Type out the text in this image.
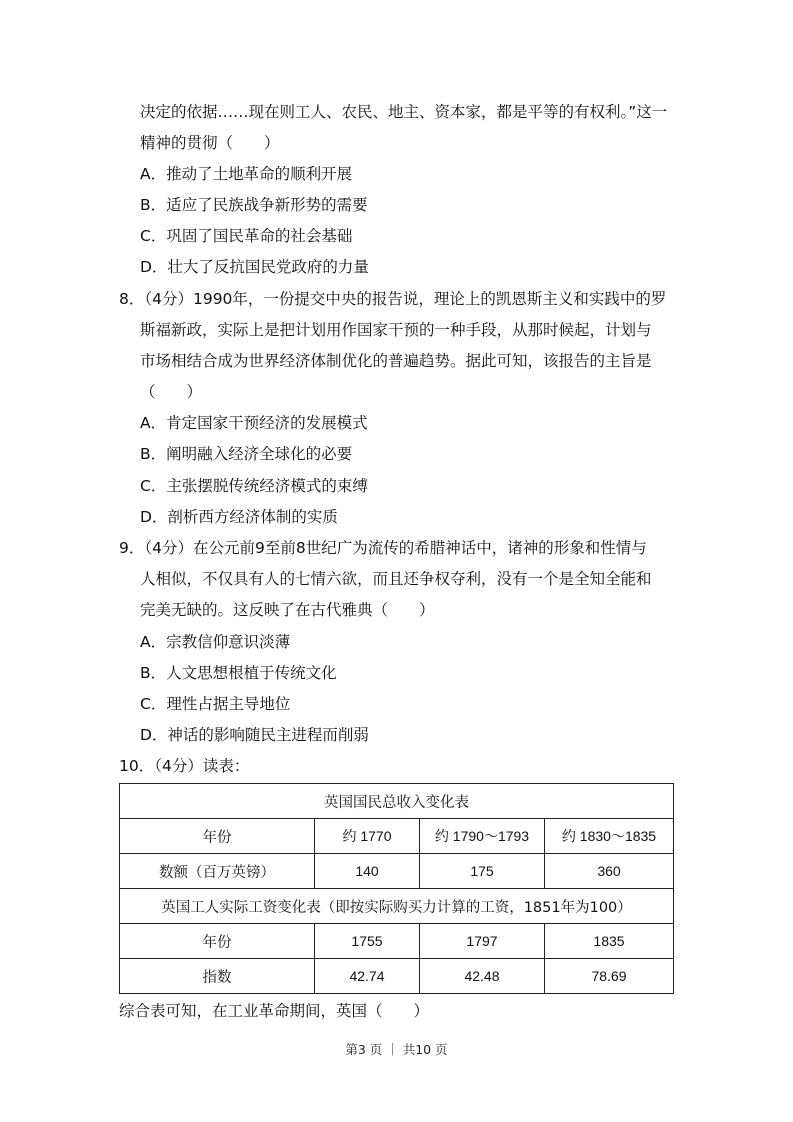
决定的依据……现在则工人、农民、地主、资本家，都是平等的有权利。”这一
精神的贯彻（　　）
A．推动了土地革命的顺利开展
B．适应了民族战争新形势的需要
C．巩固了国民革命的社会基础
D．壮大了反抗国民党政府的力量
8．（4分）1990年，一份提交中央的报告说，理论上的凯恩斯主义和实践中的罗
斯福新政，实际上是把计划用作国家干预的一种手段，从那时候起，计划与
市场相结合成为世界经济体制优化的普遍趋势。据此可知，该报告的主旨是
（　　）
A．肯定国家干预经济的发展模式
B．阐明融入经济全球化的必要
C．主张摆脱传统经济模式的束缚
D．剖析西方经济体制的实质
9．（4分）在公元前9至前8世纪广为流传的希腊神话中，诸神的形象和性情与
人相似，不仅具有人的七情六欲，而且还争权夺利，没有一个是全知全能和
完美无缺的。这反映了在古代雅典（　　）
A．宗教信仰意识淡薄
B．人文思想根植于传统文化
C．理性占据主导地位
D．神话的影响随民主进程而削弱
10．（4分）读表：
英国国民总收入变化表			
年份	约 1770	约 1790～1793	约 1830～1835
数额（百万英镑）	140	175	360
英国工人实际工资变化表（即按实际购买力计算的工资，1851年为100）			
年份	1755	1797	1835
指数	42.74	42.48	78.69
综合表可知，在工业革命期间，英国（　　）
第3 页 ｜ 共10 页
